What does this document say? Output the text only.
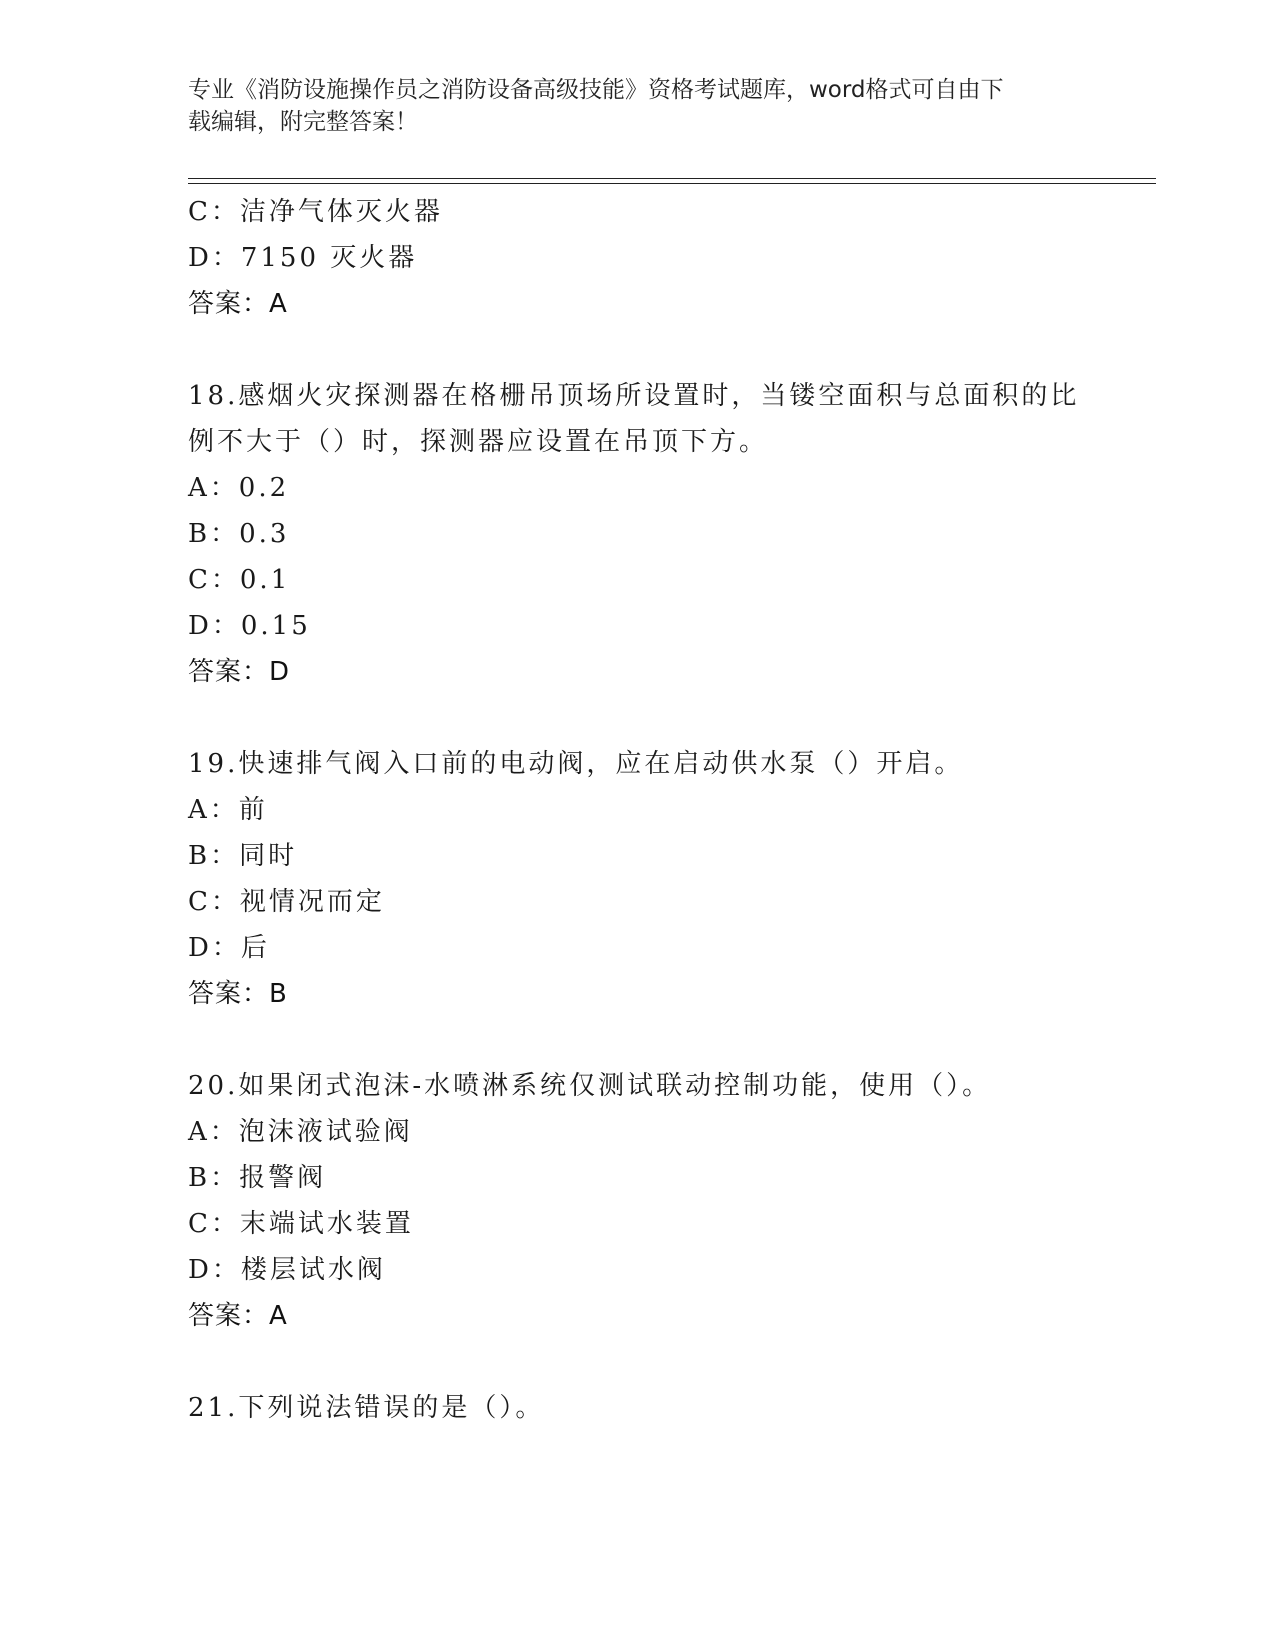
专业《消防设施操作员之消防设备高级技能》资格考试题库，word格式可自由下
载编辑，附完整答案！
C：洁净气体灭火器
D：7150 灭火器
答案：A
18.感烟火灾探测器在格栅吊顶场所设置时，当镂空面积与总面积的比
例不大于（）时，探测器应设置在吊顶下方。
A：0.2
B：0.3
C：0.1
D：0.15
答案：D
19.快速排气阀入口前的电动阀，应在启动供水泵（）开启。
A：前
B：同时
C：视情况而定
D：后
答案：B
20.如果闭式泡沫-水喷淋系统仅测试联动控制功能，使用（）。
A：泡沫液试验阀
B：报警阀
C：末端试水装置
D：楼层试水阀
答案：A
21.下列说法错误的是（）。
